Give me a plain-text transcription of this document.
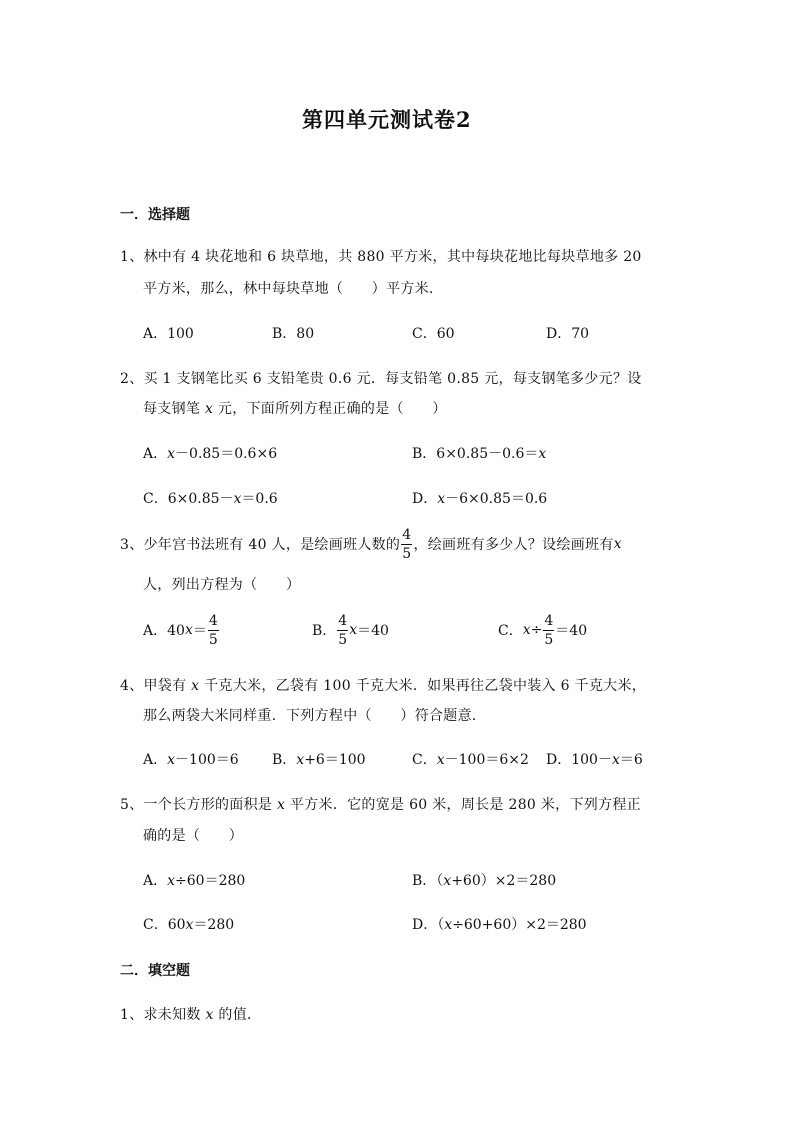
第四单元测试卷2
一．选择题
1、林中有 4 块花地和 6 块草地，共 880 平方米，其中每块花地比每块草地多 20
平方米，那么，林中每块草地（　　）平方米．
A．100	B．80	C．60	D．70
2、买 1 支钢笔比买 6 支铅笔贵 0.6 元．每支铅笔 0.85 元，每支钢笔多少元？设
每支钢笔 x 元，下面所列方程正确的是（　　）
A．x－0.85＝0.6×6	B．6×0.85－0.6＝x
C．6×0.85－x＝0.6	D．x－6×0.85＝0.6
3、少年宫书法班有 40 人，是绘画班人数的 $\frac{4}{5}$ ，绘画班有多少人？设绘画班有 x
人，列出方程为（　　）
A．40 $x = \frac{4}{5}$	B． $\frac{4}{5}$ x ＝40	C． $x \div \frac{4}{5} =40$
4、甲袋有 x 千克大米，乙袋有 100 千克大米．如果再往乙袋中装入 6 千克大米，
那么两袋大米同样重．下列方程中（　　）符合题意．
A．x－100＝6 B．x+6＝100	C．x－100＝6×2 D．100－x＝6
5、一个长方形的面积是 x 平方米．它的宽是 60 米，周长是 280 米，下列方程正
确的是（　　）
A．x÷60＝280	B．（x+60）×2＝280
C．60x＝280	D．（x÷60+60）×2＝280
二．填空题
1、求未知数 x 的值．
